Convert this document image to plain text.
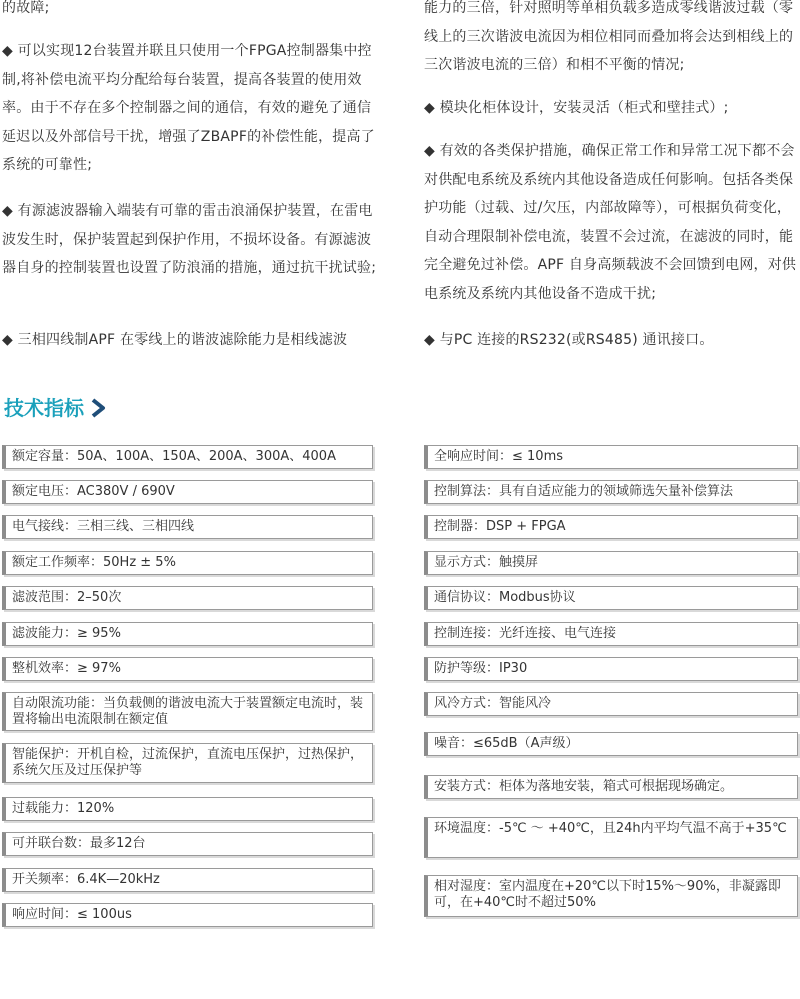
的故障;

◆ 可以实现12台装置并联且只使用一个FPGA控制器集中控制,将补偿电流平均分配给每台装置，提高各装置的使用效率。由于不存在多个控制器之间的通信，有效的避免了通信延迟以及外部信号干扰，增强了ZBAPF的补偿性能，提高了系统的可靠性;

◆ 有源滤波器输入端装有可靠的雷击浪涌保护装置，在雷电波发生时，保护装置起到保护作用，不损坏设备。有源滤波器自身的控制装置也设置了防浪涌的措施，通过抗干扰试验;

◆ 三相四线制APF 在零线上的谐波滤除能力是相线滤波

能力的三倍，针对照明等单相负载多造成零线谐波过载（零线上的三次谐波电流因为相位相同而叠加将会达到相线上的三次谐波电流的三倍）和相不平衡的情况;

◆ 模块化柜体设计，安装灵活（柜式和壁挂式）;

◆ 有效的各类保护措施，确保正常工作和异常工况下都不会对供配电系统及系统内其他设备造成任何影响。包括各类保护功能（过载、过/欠压，内部故障等），可根据负荷变化，自动合理限制补偿电流，装置不会过流，在滤波的同时，能完全避免过补偿。APF 自身高频载波不会回馈到电网，对供电系统及系统内其他设备不造成干扰;

◆ 与PC 连接的RS232(或RS485) 通讯接口。

技术指标
额定容量：50A、100A、150A、200A、300A、400A
额定电压：AC380V / 690V
电气接线：三相三线、三相四线
额定工作频率：50Hz ± 5%
滤波范围：2–50次
滤波能力：≥ 95%
整机效率：≥ 97%
自动限流功能：当负载侧的谐波电流大于装置额定电流时，装置将输出电流限制在额定值
智能保护：开机自检，过流保护，直流电压保护，过热保护，系统欠压及过压保护等
过载能力：120%
可并联台数：最多12台
开关频率：6.4K—20kHz
响应时间：≤ 100us
全响应时间：≤ 10ms
控制算法：具有自适应能力的领域筛选矢量补偿算法
控制器：DSP + FPGA
显示方式：触摸屏
通信协议：Modbus协议
控制连接：光纤连接、电气连接
防护等级：IP30
风冷方式：智能风冷
噪音：≤65dB（A声级）
安装方式：柜体为落地安装，箱式可根据现场确定。
环境温度：-5℃ ～ +40℃，且24h内平均气温不高于+35℃
相对湿度：室内温度在+20℃以下时15%～90%，非凝露即可，在+40℃时不超过50%
